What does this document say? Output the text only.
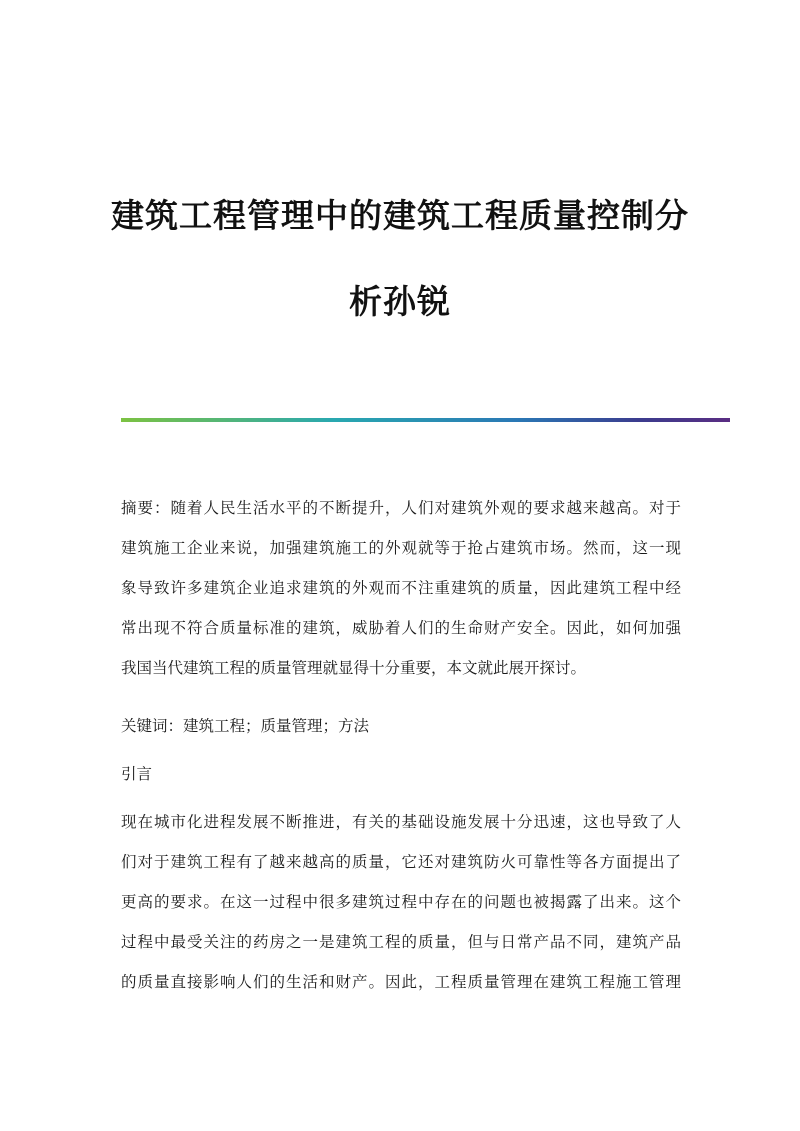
建筑工程管理中的建筑工程质量控制分
析孙锐
摘要：随着人民生活水平的不断提升，人们对建筑外观的要求越来越高。对于
建筑施工企业来说，加强建筑施工的外观就等于抢占建筑市场。然而，这一现
象导致许多建筑企业追求建筑的外观而不注重建筑的质量，因此建筑工程中经
常出现不符合质量标准的建筑，威胁着人们的生命财产安全。因此，如何加强
我国当代建筑工程的质量管理就显得十分重要，本文就此展开探讨。
关键词：建筑工程；质量管理；方法
引言
现在城市化进程发展不断推进，有关的基础设施发展十分迅速，这也导致了人
们对于建筑工程有了越来越高的质量，它还对建筑防火可靠性等各方面提出了
更高的要求。在这一过程中很多建筑过程中存在的问题也被揭露了出来。这个
过程中最受关注的药房之一是建筑工程的质量，但与日常产品不同，建筑产品
的质量直接影响人们的生活和财产。因此，工程质量管理在建筑工程施工管理
